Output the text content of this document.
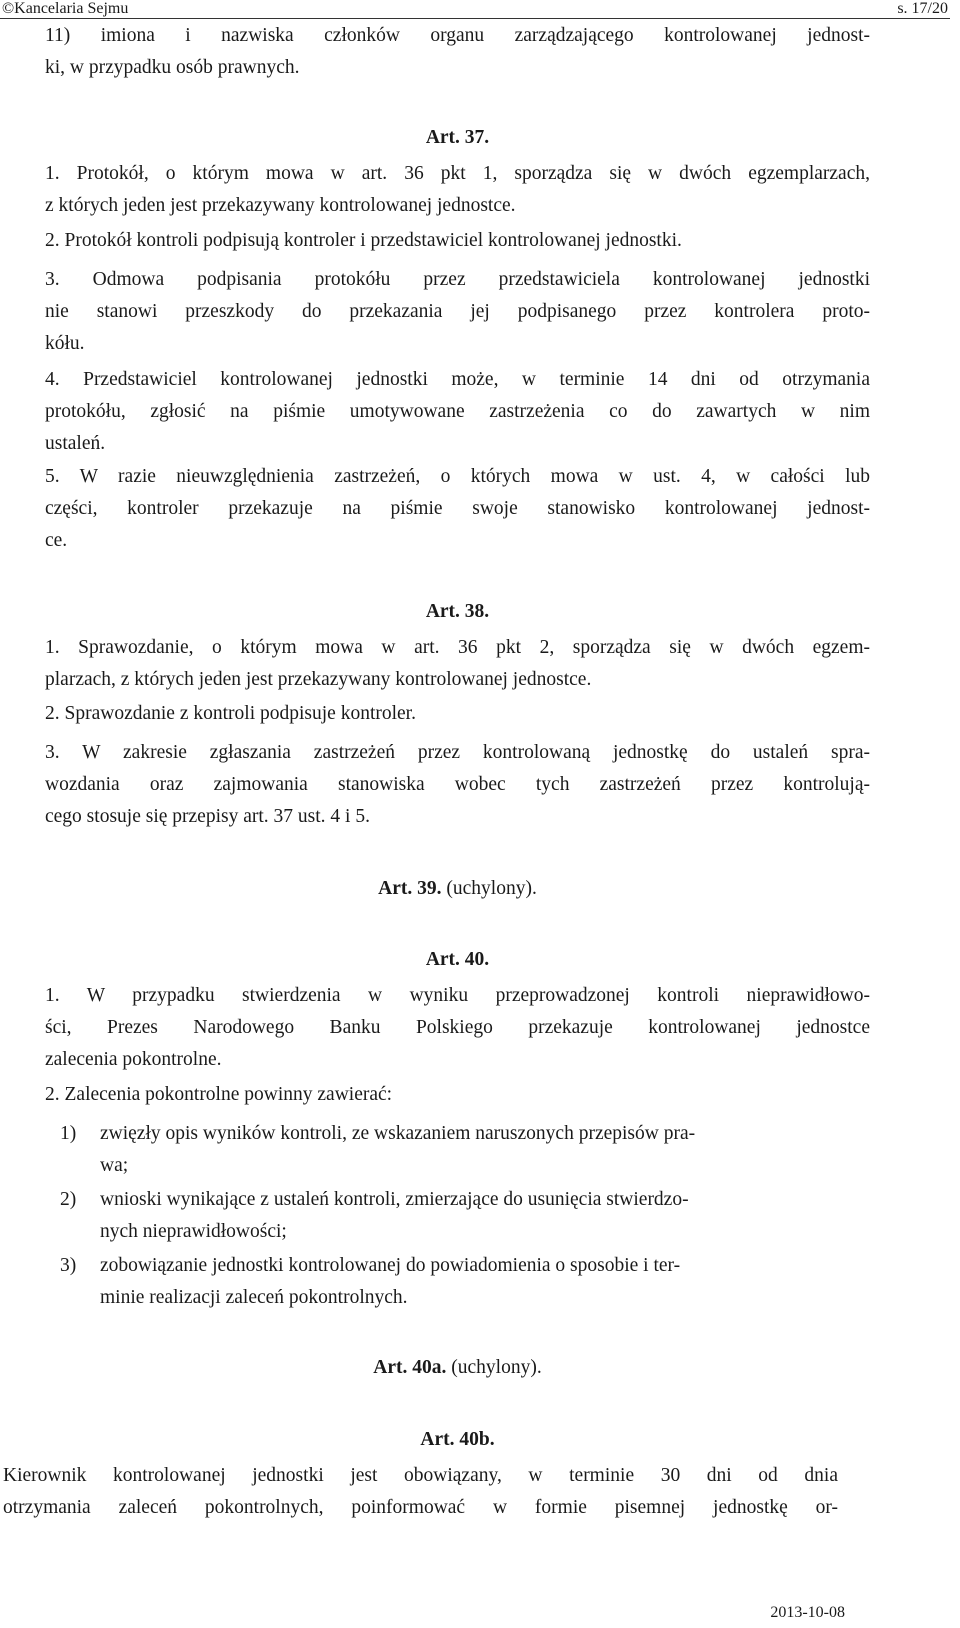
©Kancelaria Sejmu	s. 17/20

11) imiona i nazwiska członków organu zarządzającego kontrolowanej jednost-
ki, w przypadku osób prawnych.

Art. 37.

1. Protokół, o którym mowa w art. 36 pkt 1, sporządza się w dwóch egzemplarzach,
z których jeden jest przekazywany kontrolowanej jednostce.

2. Protokół kontroli podpisują kontroler i przedstawiciel kontrolowanej jednostki.

3. Odmowa podpisania protokółu przez przedstawiciela kontrolowanej jednostki
nie stanowi przeszkody do przekazania jej podpisanego przez kontrolera proto-
kółu.

4. Przedstawiciel kontrolowanej jednostki może, w terminie 14 dni od otrzymania
protokółu, zgłosić na piśmie umotywowane zastrzeżenia co do zawartych w nim
ustaleń.

5. W razie nieuwzględnienia zastrzeżeń, o których mowa w ust. 4, w całości lub
części, kontroler przekazuje na piśmie swoje stanowisko kontrolowanej jednost-
ce.

Art. 38.

1. Sprawozdanie, o którym mowa w art. 36 pkt 2, sporządza się w dwóch egzem-
plarzach, z których jeden jest przekazywany kontrolowanej jednostce.

2. Sprawozdanie z kontroli podpisuje kontroler.

3. W zakresie zgłaszania zastrzeżeń przez kontrolowaną jednostkę do ustaleń spra-
wozdania oraz zajmowania stanowiska wobec tych zastrzeżeń przez kontrolują-
cego stosuje się przepisy art. 37 ust. 4 i 5.

Art. 39. (uchylony).

Art. 40.

1. W przypadku stwierdzenia w wyniku przeprowadzonej kontroli nieprawidłowo-
ści, Prezes Narodowego Banku Polskiego przekazuje kontrolowanej jednostce
zalecenia pokontrolne.

2. Zalecenia pokontrolne powinny zawierać:

1) zwięzły opis wyników kontroli, ze wskazaniem naruszonych przepisów pra-
wa;

2) wnioski wynikające z ustaleń kontroli, zmierzające do usunięcia stwierdzo-
nych nieprawidłowości;

3) zobowiązanie jednostki kontrolowanej do powiadomienia o sposobie i ter-
minie realizacji zaleceń pokontrolnych.

Art. 40a. (uchylony).

Art. 40b.

Kierownik kontrolowanej jednostki jest obowiązany, w terminie 30 dni od dnia
otrzymania zaleceń pokontrolnych, poinformować w formie pisemnej jednostkę or-

2013-10-08
